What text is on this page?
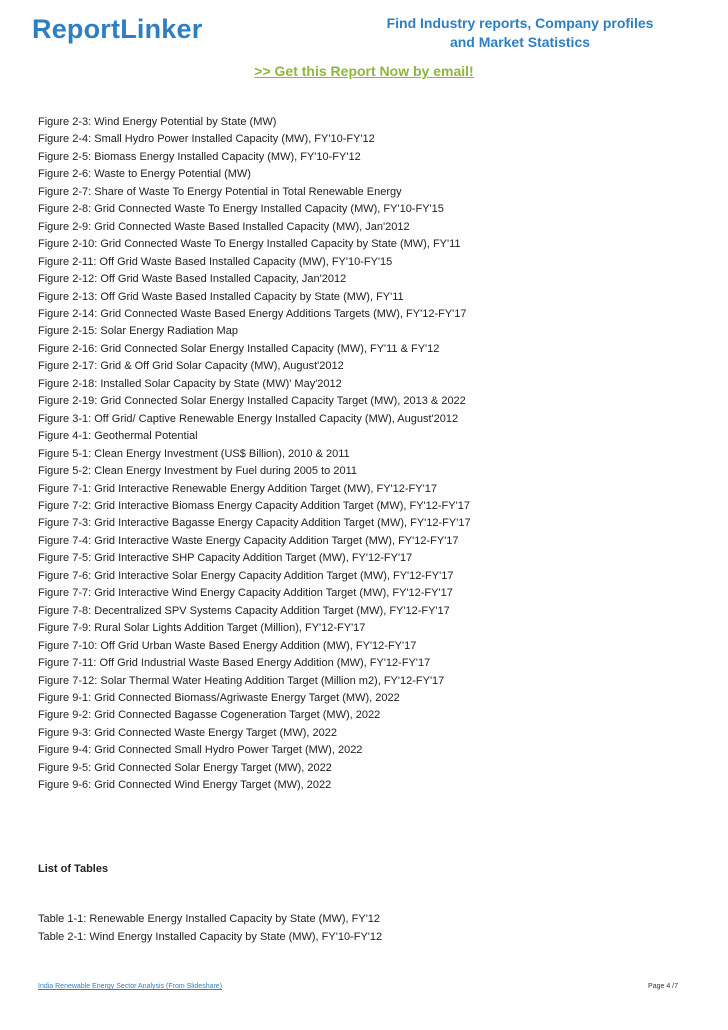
ReportLinker	Find Industry reports, Company profiles
and Market Statistics
>> Get this Report Now by email!
Figure 2-3: Wind Energy Potential by State (MW)
Figure 2-4: Small Hydro Power Installed Capacity (MW), FY'10-FY'12
Figure 2-5: Biomass Energy Installed Capacity (MW), FY'10-FY'12
Figure 2-6: Waste to Energy Potential (MW)
Figure 2-7: Share of Waste To Energy Potential in Total Renewable Energy
Figure 2-8: Grid Connected Waste To Energy Installed Capacity (MW), FY'10-FY'15
Figure 2-9: Grid Connected Waste Based Installed Capacity (MW), Jan'2012
Figure 2-10: Grid Connected Waste To Energy Installed Capacity by State (MW), FY'11
Figure 2-11: Off Grid Waste Based Installed Capacity (MW), FY'10-FY'15
Figure 2-12: Off Grid Waste Based Installed Capacity, Jan'2012
Figure 2-13: Off Grid Waste Based Installed Capacity by State (MW), FY'11
Figure 2-14: Grid Connected Waste Based Energy Additions Targets (MW), FY'12-FY'17
Figure 2-15: Solar Energy Radiation Map
Figure 2-16: Grid Connected Solar Energy Installed Capacity (MW), FY'11 & FY'12
Figure 2-17: Grid & Off Grid Solar Capacity (MW), August'2012
Figure 2-18: Installed Solar Capacity by State (MW)' May'2012
Figure 2-19: Grid Connected Solar Energy Installed Capacity Target (MW), 2013 & 2022
Figure 3-1: Off Grid/ Captive Renewable Energy Installed Capacity (MW), August'2012
Figure 4-1: Geothermal Potential
Figure 5-1: Clean Energy Investment (US$ Billion), 2010 & 2011
Figure 5-2: Clean Energy Investment by Fuel during 2005 to 2011
Figure 7-1: Grid Interactive Renewable Energy Addition Target (MW), FY'12-FY'17
Figure 7-2: Grid Interactive Biomass Energy Capacity Addition Target (MW), FY'12-FY'17
Figure 7-3: Grid Interactive Bagasse Energy Capacity Addition Target (MW), FY'12-FY'17
Figure 7-4: Grid Interactive Waste Energy Capacity Addition Target (MW), FY'12-FY'17
Figure 7-5: Grid Interactive SHP Capacity Addition Target (MW), FY'12-FY'17
Figure 7-6: Grid Interactive Solar Energy Capacity Addition Target (MW), FY'12-FY'17
Figure 7-7: Grid Interactive Wind Energy Capacity Addition Target (MW), FY'12-FY'17
Figure 7-8: Decentralized SPV Systems Capacity Addition Target (MW), FY'12-FY'17
Figure 7-9: Rural Solar Lights Addition Target (Million), FY'12-FY'17
Figure 7-10: Off Grid Urban Waste Based Energy Addition (MW), FY'12-FY'17
Figure 7-11: Off Grid Industrial Waste Based Energy Addition (MW), FY'12-FY'17
Figure 7-12: Solar Thermal Water Heating Addition Target (Million m2), FY'12-FY'17
Figure 9-1: Grid Connected Biomass/Agriwaste Energy Target (MW), 2022
Figure 9-2: Grid Connected Bagasse Cogeneration Target (MW), 2022
Figure 9-3: Grid Connected Waste Energy Target (MW), 2022
Figure 9-4: Grid Connected Small Hydro Power Target (MW), 2022
Figure 9-5: Grid Connected Solar Energy Target (MW), 2022
Figure 9-6: Grid Connected Wind Energy Target (MW), 2022
List of Tables
Table 1-1: Renewable Energy Installed Capacity by State (MW), FY'12
Table 2-1: Wind Energy Installed Capacity by State (MW), FY'10-FY'12
India Renewable Energy Sector Analysis (From Slideshare)	Page 4 /7
